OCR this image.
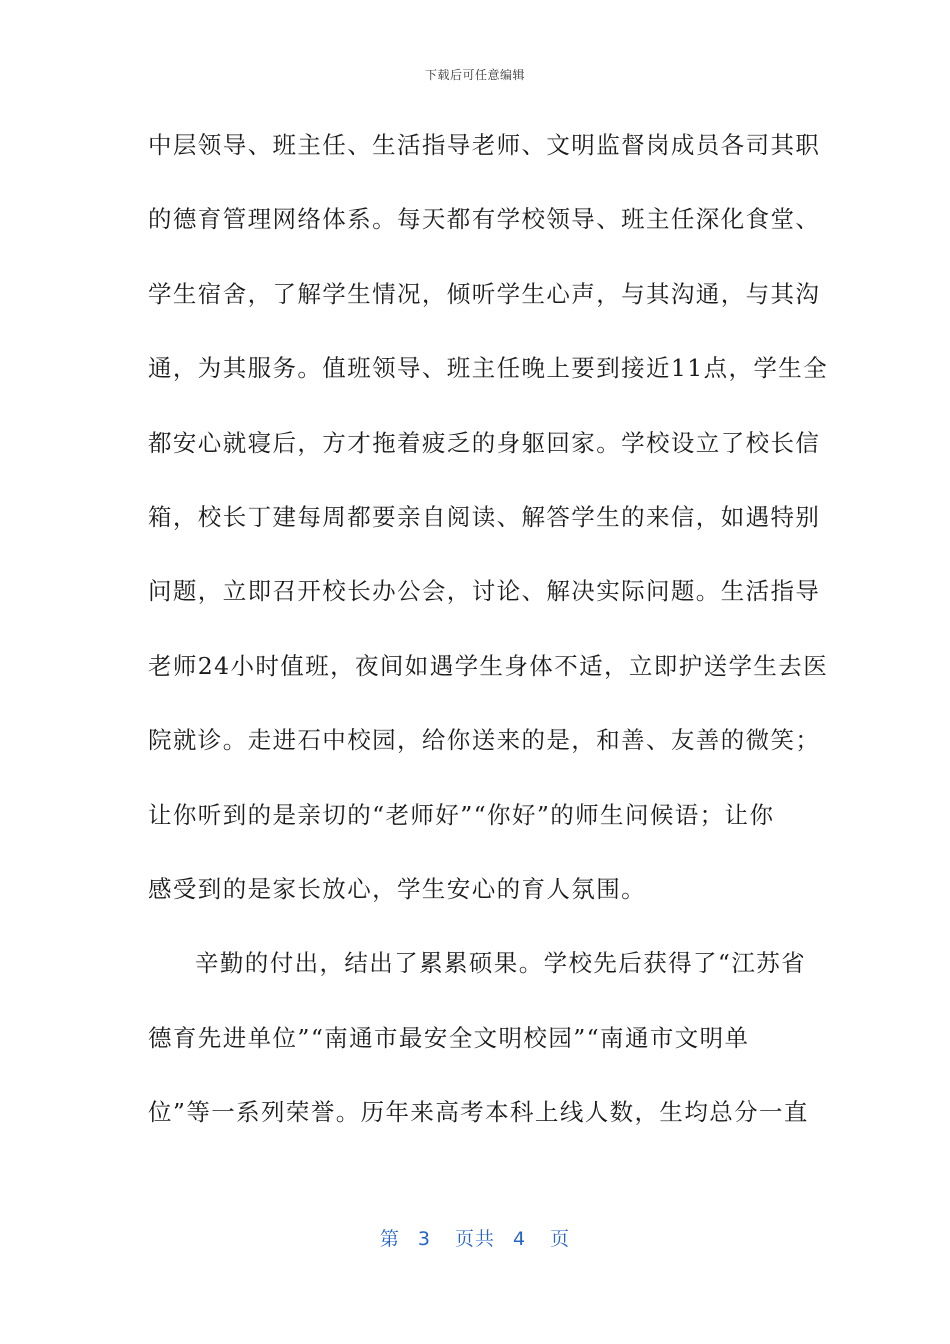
下载后可任意编辑
中层领导、班主任、生活指导老师、文明监督岗成员各司其职
的德育管理网络体系。每天都有学校领导、班主任深化食堂、
学生宿舍，了解学生情况，倾听学生心声，与其沟通，与其沟
通，为其服务。值班领导、班主任晚上要到接近11点，学生全
都安心就寝后，方才拖着疲乏的身躯回家。学校设立了校长信
箱，校长丁建每周都要亲自阅读、解答学生的来信，如遇特别
问题，立即召开校长办公会，讨论、解决实际问题。生活指导
老师24小时值班，夜间如遇学生身体不适，立即护送学生去医
院就诊。走进石中校园，给你送来的是，和善、友善的微笑；
让你听到的是亲切的“老师好”“你好”的师生问候语；让你
感受到的是家长放心，学生安心的育人氛围。
辛勤的付出，结出了累累硕果。学校先后获得了“江苏省
德育先进单位”“南通市最安全文明校园”“南通市文明单
位”等一系列荣誉。历年来高考本科上线人数，生均总分一直
第 3 页共 4 页
